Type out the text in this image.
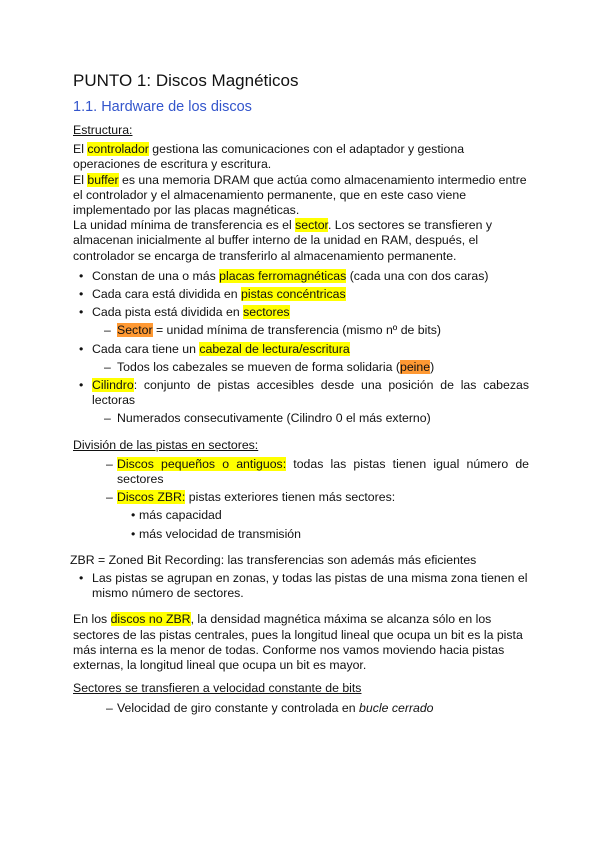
PUNTO 1: Discos Magnéticos
1.1. Hardware de los discos

Estructura:

El controlador gestiona las comunicaciones con el adaptador y gestiona operaciones de escritura y escritura.

El buffer es una memoria DRAM que actúa como almacenamiento intermedio entre el controlador y el almacenamiento permanente, que en este caso viene implementado por las placas magnéticas.

La unidad mínima de transferencia es el sector. Los sectores se transfieren y almacenan inicialmente al buffer interno de la unidad en RAM, después, el controlador se encarga de transferirlo al almacenamiento permanente.

• Constan de una o más placas ferromagnéticas (cada una con dos caras)
• Cada cara está dividida en pistas concéntricas
• Cada pista está dividida en sectores
– Sector = unidad mínima de transferencia (mismo nº de bits)
• Cada cara tiene un cabezal de lectura/escritura
– Todos los cabezales se mueven de forma solidaria (peine)
• Cilindro: conjunto de pistas accesibles desde una posición de las cabezas lectoras
– Numerados consecutivamente (Cilindro 0 el más externo)

División de las pistas en sectores:

– Discos pequeños o antiguos: todas las pistas tienen igual número de sectores
– Discos ZBR: pistas exteriores tienen más sectores:
• más capacidad
• más velocidad de transmisión

ZBR = Zoned Bit Recording: las transferencias son además más eficientes

• Las pistas se agrupan en zonas, y todas las pistas de una misma zona tienen el mismo número de sectores.

En los discos no ZBR, la densidad magnética máxima se alcanza sólo en los sectores de las pistas centrales, pues la longitud lineal que ocupa un bit es la pista más interna es la menor de todas. Conforme nos vamos moviendo hacia pistas externas, la longitud lineal que ocupa un bit es mayor.

Sectores se transfieren a velocidad constante de bits

– Velocidad de giro constante y controlada en bucle cerrado
